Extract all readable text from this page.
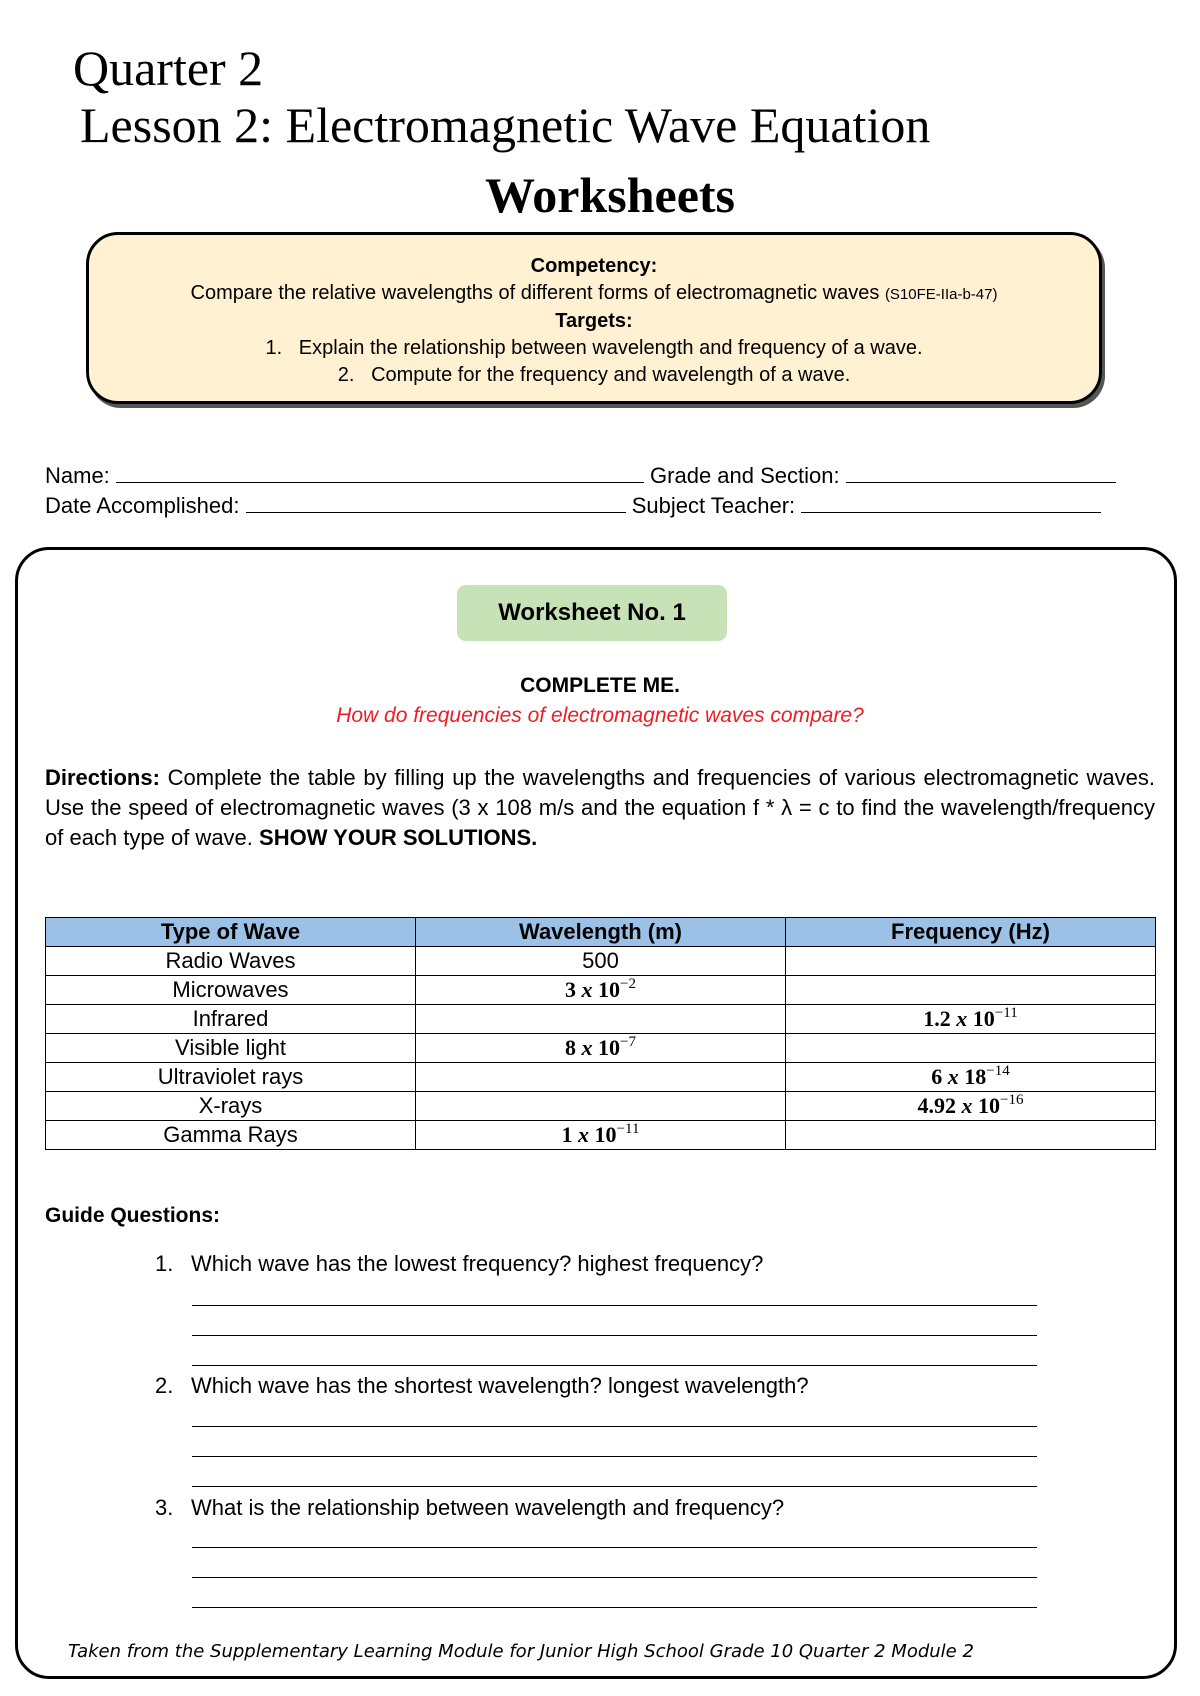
Quarter 2
Lesson 2: Electromagnetic Wave Equation
Worksheets
Competency:
Compare the relative wavelengths of different forms of electromagnetic waves (S10FE-IIa-b-47)
Targets:
1.   Explain the relationship between wavelength and frequency of a wave.
2.   Compute for the frequency and wavelength of a wave.
Name:	Grade and Section:
Date Accomplished:	Subject Teacher:
Worksheet No. 1
COMPLETE ME.
How do frequencies of electromagnetic waves compare?
Directions: Complete the table by filling up the wavelengths and frequencies of various electromagnetic waves. Use the speed of electromagnetic waves (3 x 108 m/s and the equation f * λ = c to find the wavelength/frequency of each type of wave. SHOW YOUR SOLUTIONS.
Type of Wave	Wavelength (m)	Frequency (Hz)
Radio Waves	500	
Microwaves	3 x $10^{-2}$	
Infrared		1.2 x $10^{-11}$
Visible light	8 x $10^{-7}$	
Ultraviolet rays		6 x $18^{-14}$
X-rays		4.92 x $10^{-16}$
Gamma Rays	1 x $10^{-11}$	
Guide Questions:
1. Which wave has the lowest frequency? highest frequency?
2. Which wave has the shortest wavelength? longest wavelength?
3. What is the relationship between wavelength and frequency?
Taken from the Supplementary Learning Module for Junior High School Grade 10 Quarter 2 Module 2
